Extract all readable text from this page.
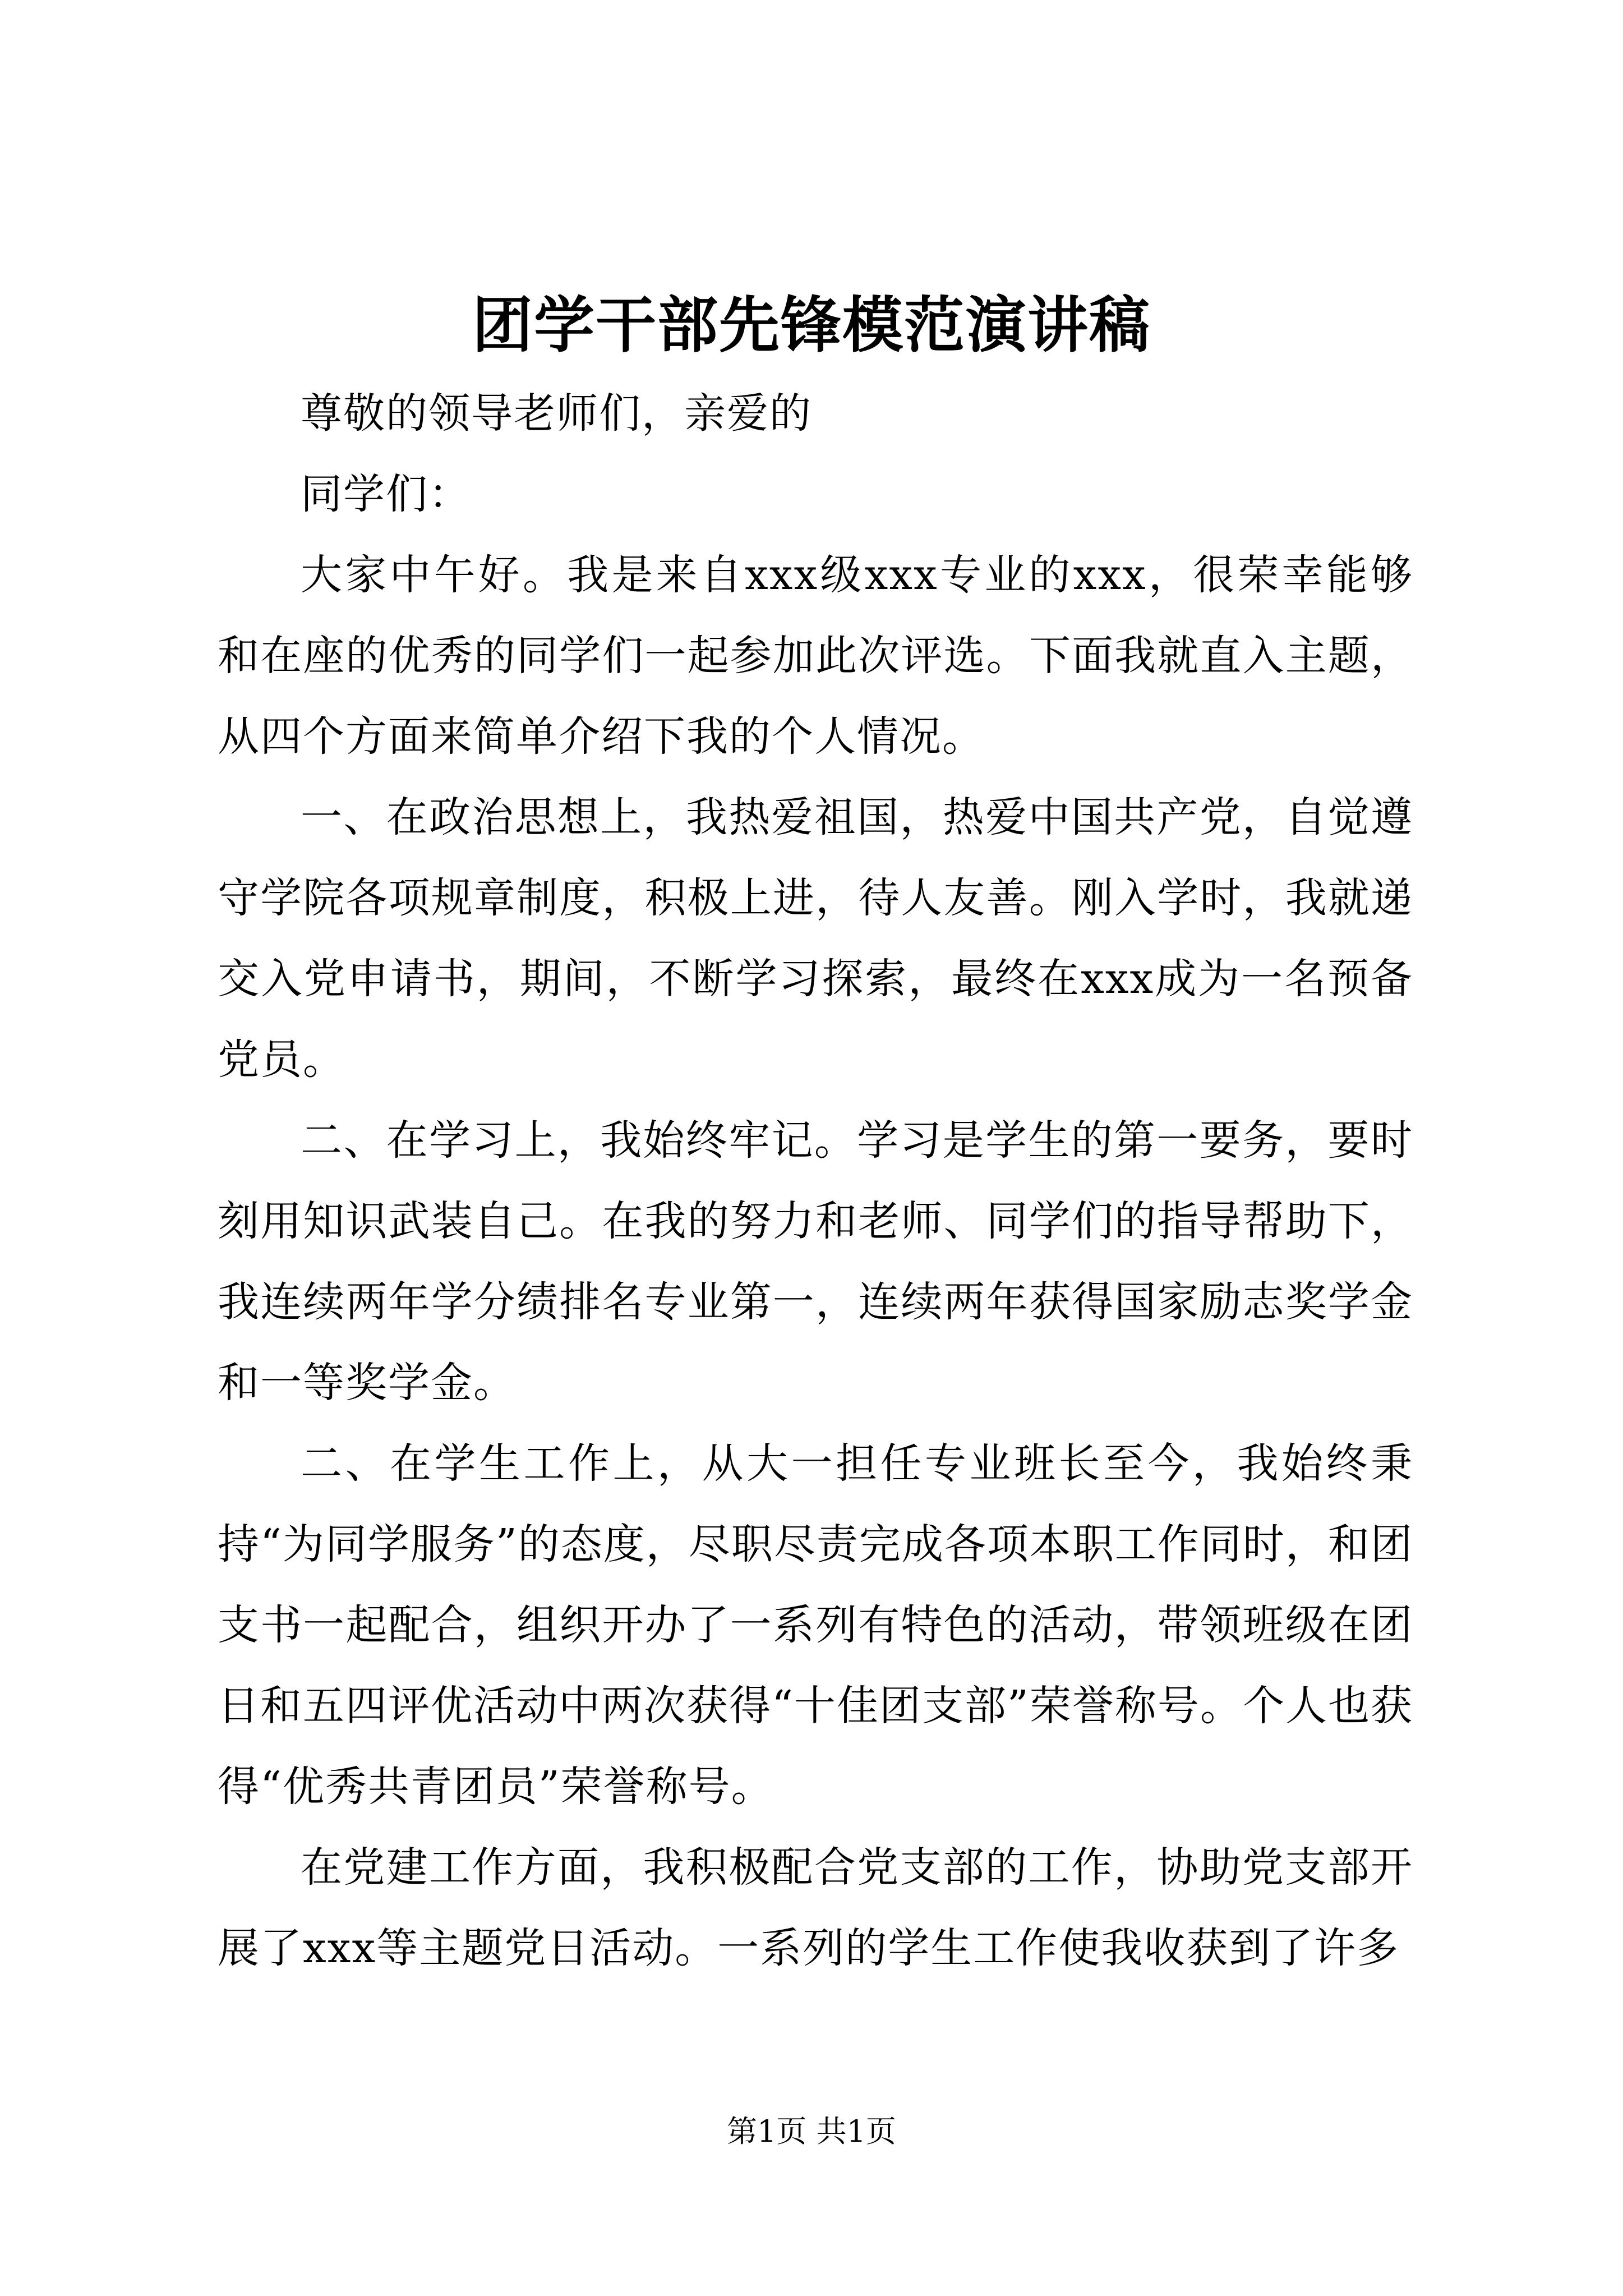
团学干部先锋模范演讲稿

尊敬的领导老师们，亲爱的

同学们：

大家中午好。我是来自xxx级xxx专业的xxx，很荣幸能够和在座的优秀的同学们一起参加此次评选。下面我就直入主题，从四个方面来简单介绍下我的个人情况。

一、在政治思想上，我热爱祖国，热爱中国共产党，自觉遵守学院各项规章制度，积极上进，待人友善。刚入学时，我就递交入党申请书，期间，不断学习探索，最终在xxx成为一名预备党员。

二、在学习上，我始终牢记。学习是学生的第一要务，要时刻用知识武装自己。在我的努力和老师、同学们的指导帮助下，我连续两年学分绩排名专业第一，连续两年获得国家励志奖学金和一等奖学金。

二、在学生工作上，从大一担任专业班长至今，我始终秉持“为同学服务”的态度，尽职尽责完成各项本职工作同时，和团支书一起配合，组织开办了一系列有特色的活动，带领班级在团日和五四评优活动中两次获得“十佳团支部”荣誉称号。个人也获得“优秀共青团员”荣誉称号。

在党建工作方面，我积极配合党支部的工作，协助党支部开展了xxx等主题党日活动。一系列的学生工作使我收获到了许多

第1页 共1页
